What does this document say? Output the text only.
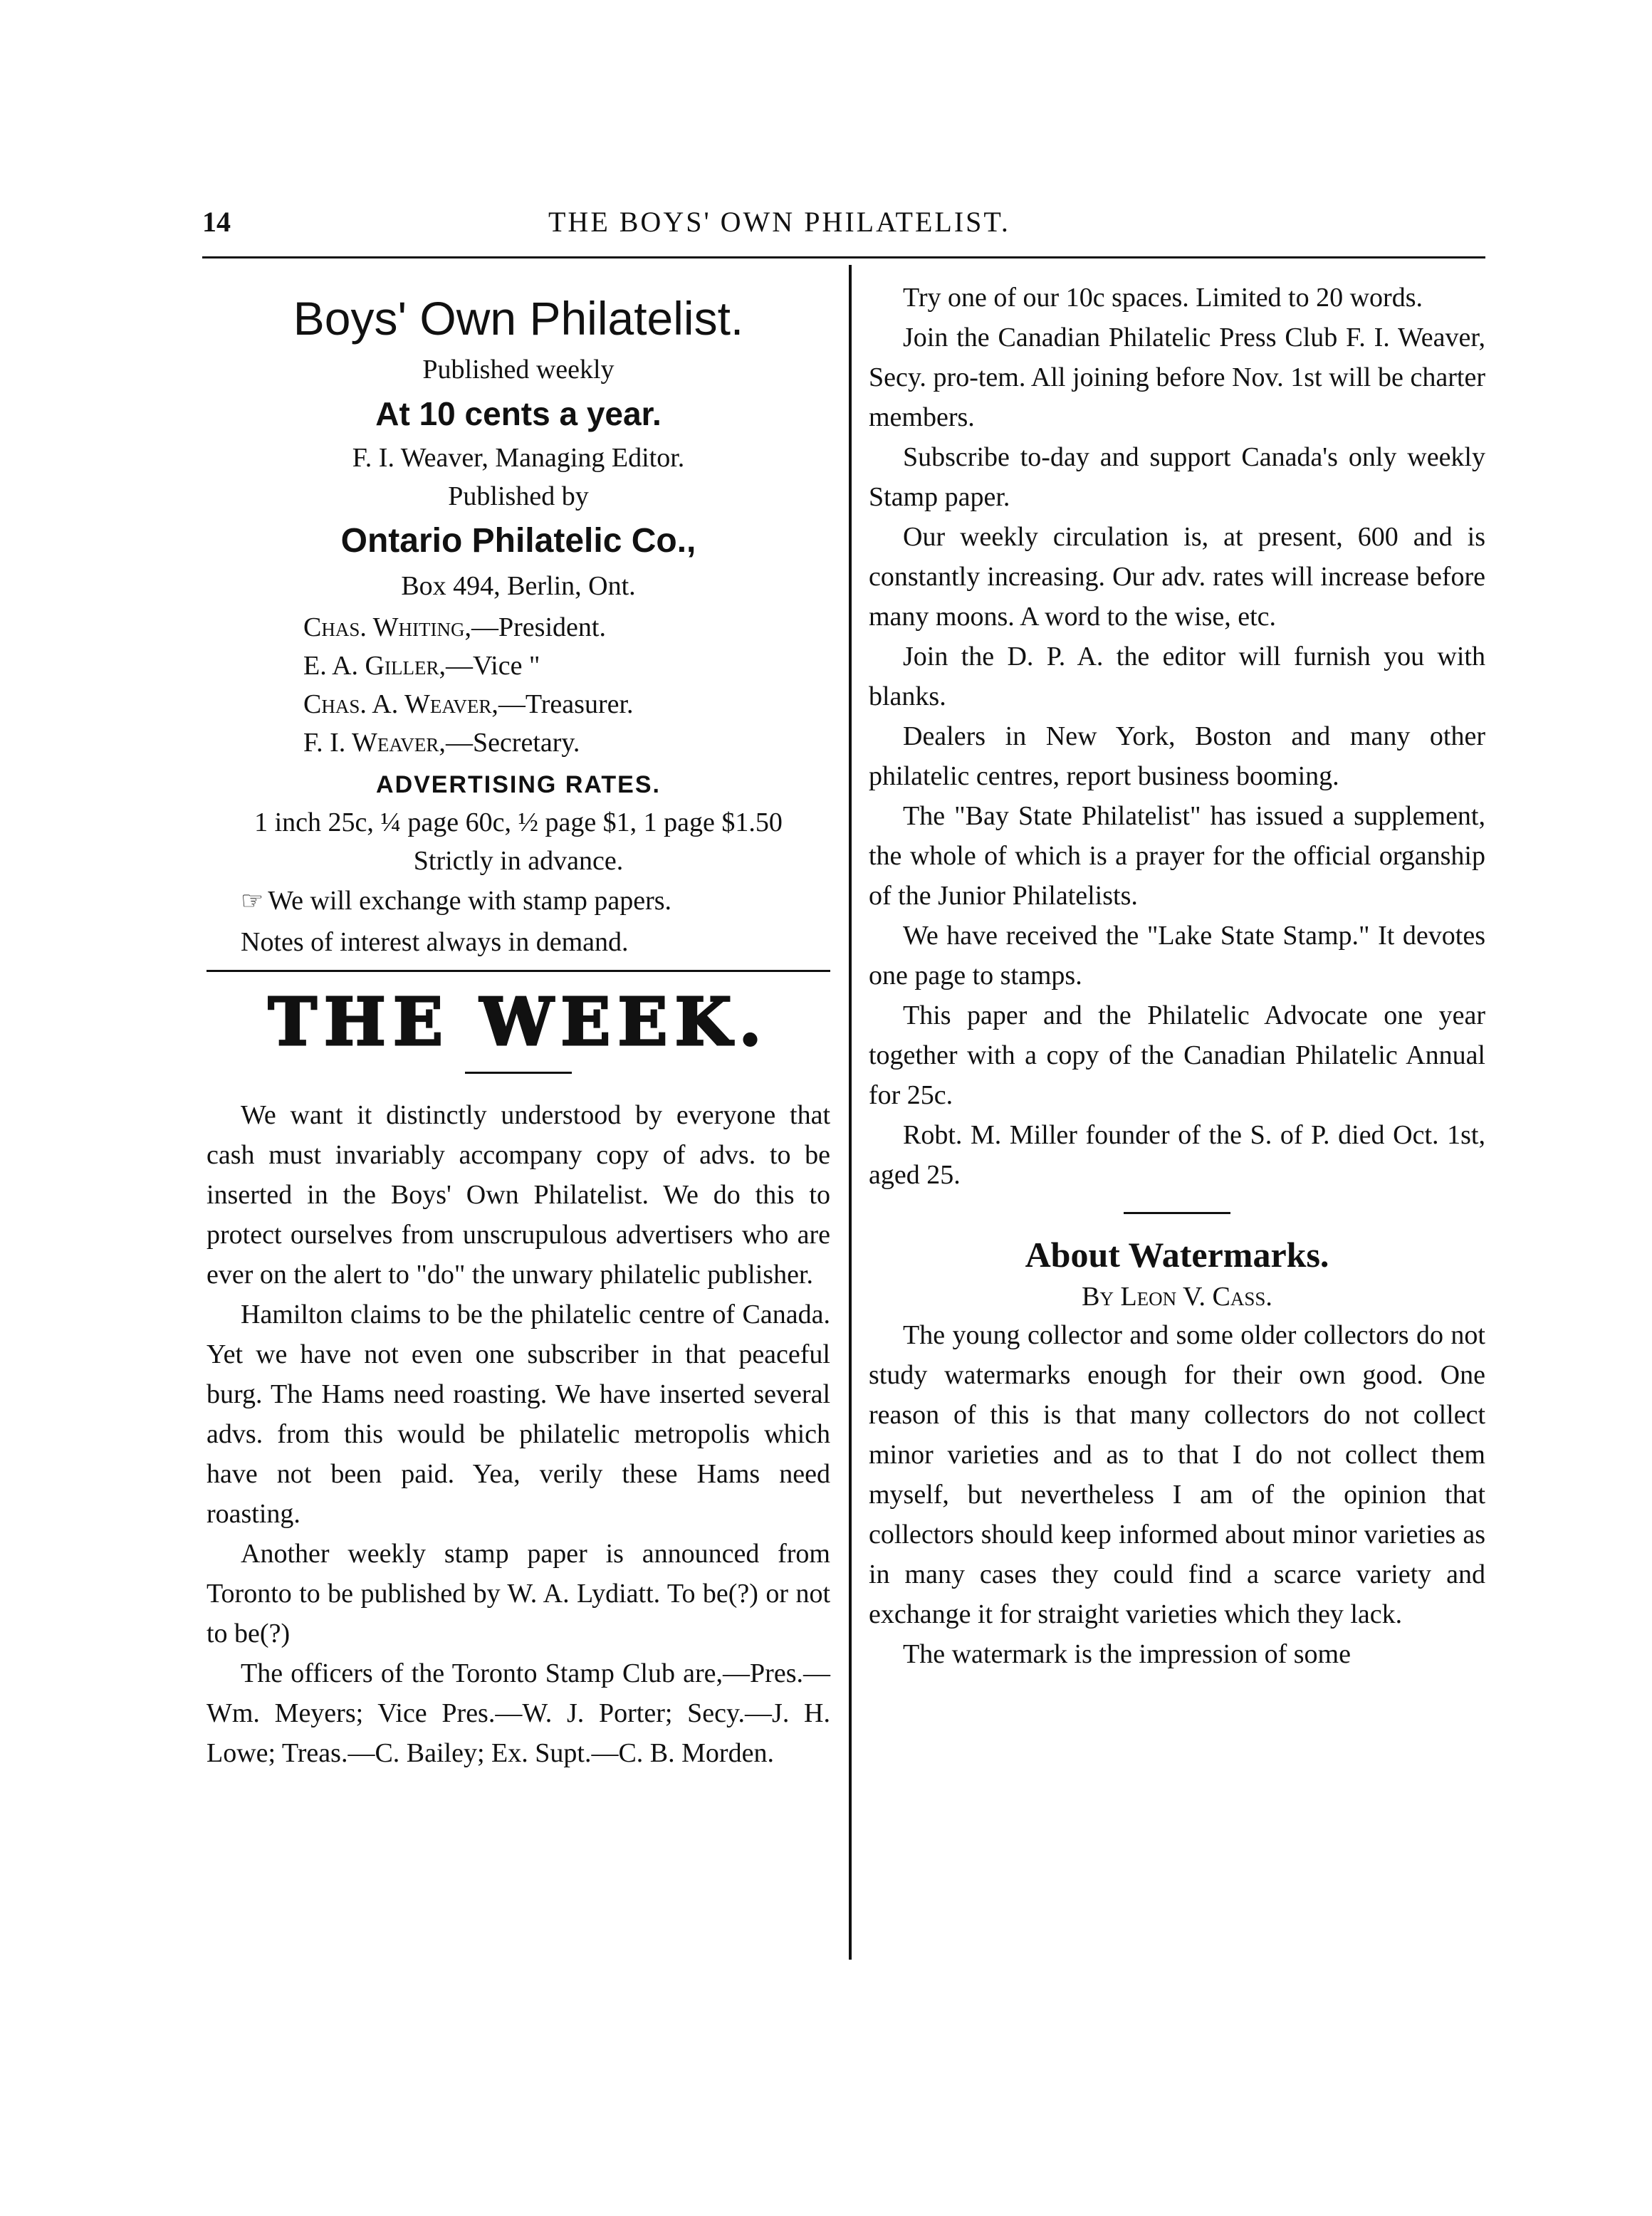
14	THE BOYS' OWN PHILATELIST.
Boys' Own Philatelist.
Published weekly
At 10 cents a year.
F. I. Weaver, Managing Editor.
Published by
Ontario Philatelic Co.,
Box 494, Berlin, Ont.
Chas. Whiting,—President.
E. A. Giller,—Vice "
Chas. A. Weaver,—Treasurer.
F. I. Weaver,—Secretary.
ADVERTISING RATES.
1 inch 25c, ¼ page 60c, ½ page $1, 1 page $1.50
Strictly in advance.
☞ We will exchange with stamp papers.
Notes of interest always in demand.
THE WEEK.

We want it distinctly understood by everyone that cash must invariably accompany copy of advs. to be inserted in the Boys' Own Philatelist. We do this to protect ourselves from unscrupulous advertisers who are ever on the alert to "do" the unwary philatelic publisher.

Hamilton claims to be the philatelic centre of Canada. Yet we have not even one subscriber in that peaceful burg. The Hams need roasting. We have inserted several advs. from this would be philatelic metropolis which have not been paid. Yea, verily these Hams need roasting.

Another weekly stamp paper is announced from Toronto to be published by W. A. Lydiatt. To be(?) or not to be(?)

The officers of the Toronto Stamp Club are,—Pres.—Wm. Meyers; Vice Pres.—W. J. Porter; Secy.—J. H. Lowe; Treas.—C. Bailey; Ex. Supt.—C. B. Morden.

Try one of our 10c spaces. Limited to 20 words.

Join the Canadian Philatelic Press Club F. I. Weaver, Secy. pro-tem. All joining before Nov. 1st will be charter members.

Subscribe to-day and support Canada's only weekly Stamp paper.

Our weekly circulation is, at present, 600 and is constantly increasing. Our adv. rates will increase before many moons. A word to the wise, etc.

Join the D. P. A. the editor will furnish you with blanks.

Dealers in New York, Boston and many other philatelic centres, report business booming.

The "Bay State Philatelist" has issued a supplement, the whole of which is a prayer for the official organship of the Junior Philatelists.

We have received the "Lake State Stamp." It devotes one page to stamps.

This paper and the Philatelic Advocate one year together with a copy of the Canadian Philatelic Annual for 25c.

Robt. M. Miller founder of the S. of P. died Oct. 1st, aged 25.

About Watermarks.
By Leon V. Cass.

The young collector and some older collectors do not study watermarks enough for their own good. One reason of this is that many collectors do not collect minor varieties and as to that I do not collect them myself, but nevertheless I am of the opinion that collectors should keep informed about minor varieties as in many cases they could find a scarce variety and exchange it for straight varieties which they lack.

The watermark is the impression of some
